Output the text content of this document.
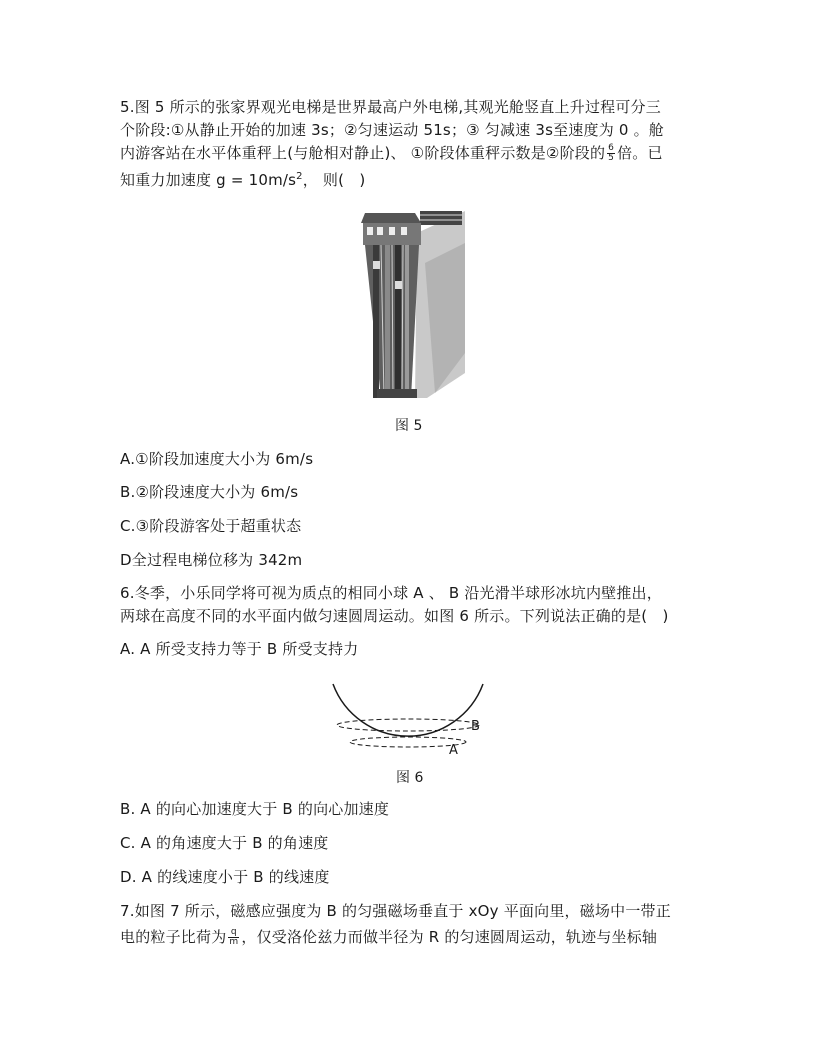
5.图 5 所示的张家界观光电梯是世界最高户外电梯,其观光舱竖直上升过程可分三
个阶段:①从静止开始的加速 3s；②匀速运动 51s；③ 匀减速 3s至速度为 0 。舱
内游客站在水平体重秤上(与舱相对静止)、 ①阶段体重秤示数是②阶段的 $\frac{6}{5}$ 倍。已
知重力加速度 $g = 10m/s^2$， 则(　)
图 5
A.①阶段加速度大小为 6m/s
B.②阶段速度大小为 6m/s
C.③阶段游客处于超重状态
D全过程电梯位移为 342m
6.冬季，小乐同学将可视为质点的相同小球 A 、 B 沿光滑半球形冰坑内壁推出，
两球在高度不同的水平面内做匀速圆周运动。如图 6 所示。下列说法正确的是(　)
A. A 所受支持力等于 B 所受支持力
B
A
图 6
B. A 的向心加速度大于 B 的向心加速度
C. A 的角速度大于 B 的角速度
D. A 的线速度小于 B 的线速度
7.如图 7 所示，磁感应强度为 B 的匀强磁场垂直于 xOy 平面向里，磁场中一带正
电的粒子比荷为 $\frac{q}{m}$ ，仅受洛伦兹力而做半径为 R 的匀速圆周运动，轨迹与坐标轴
